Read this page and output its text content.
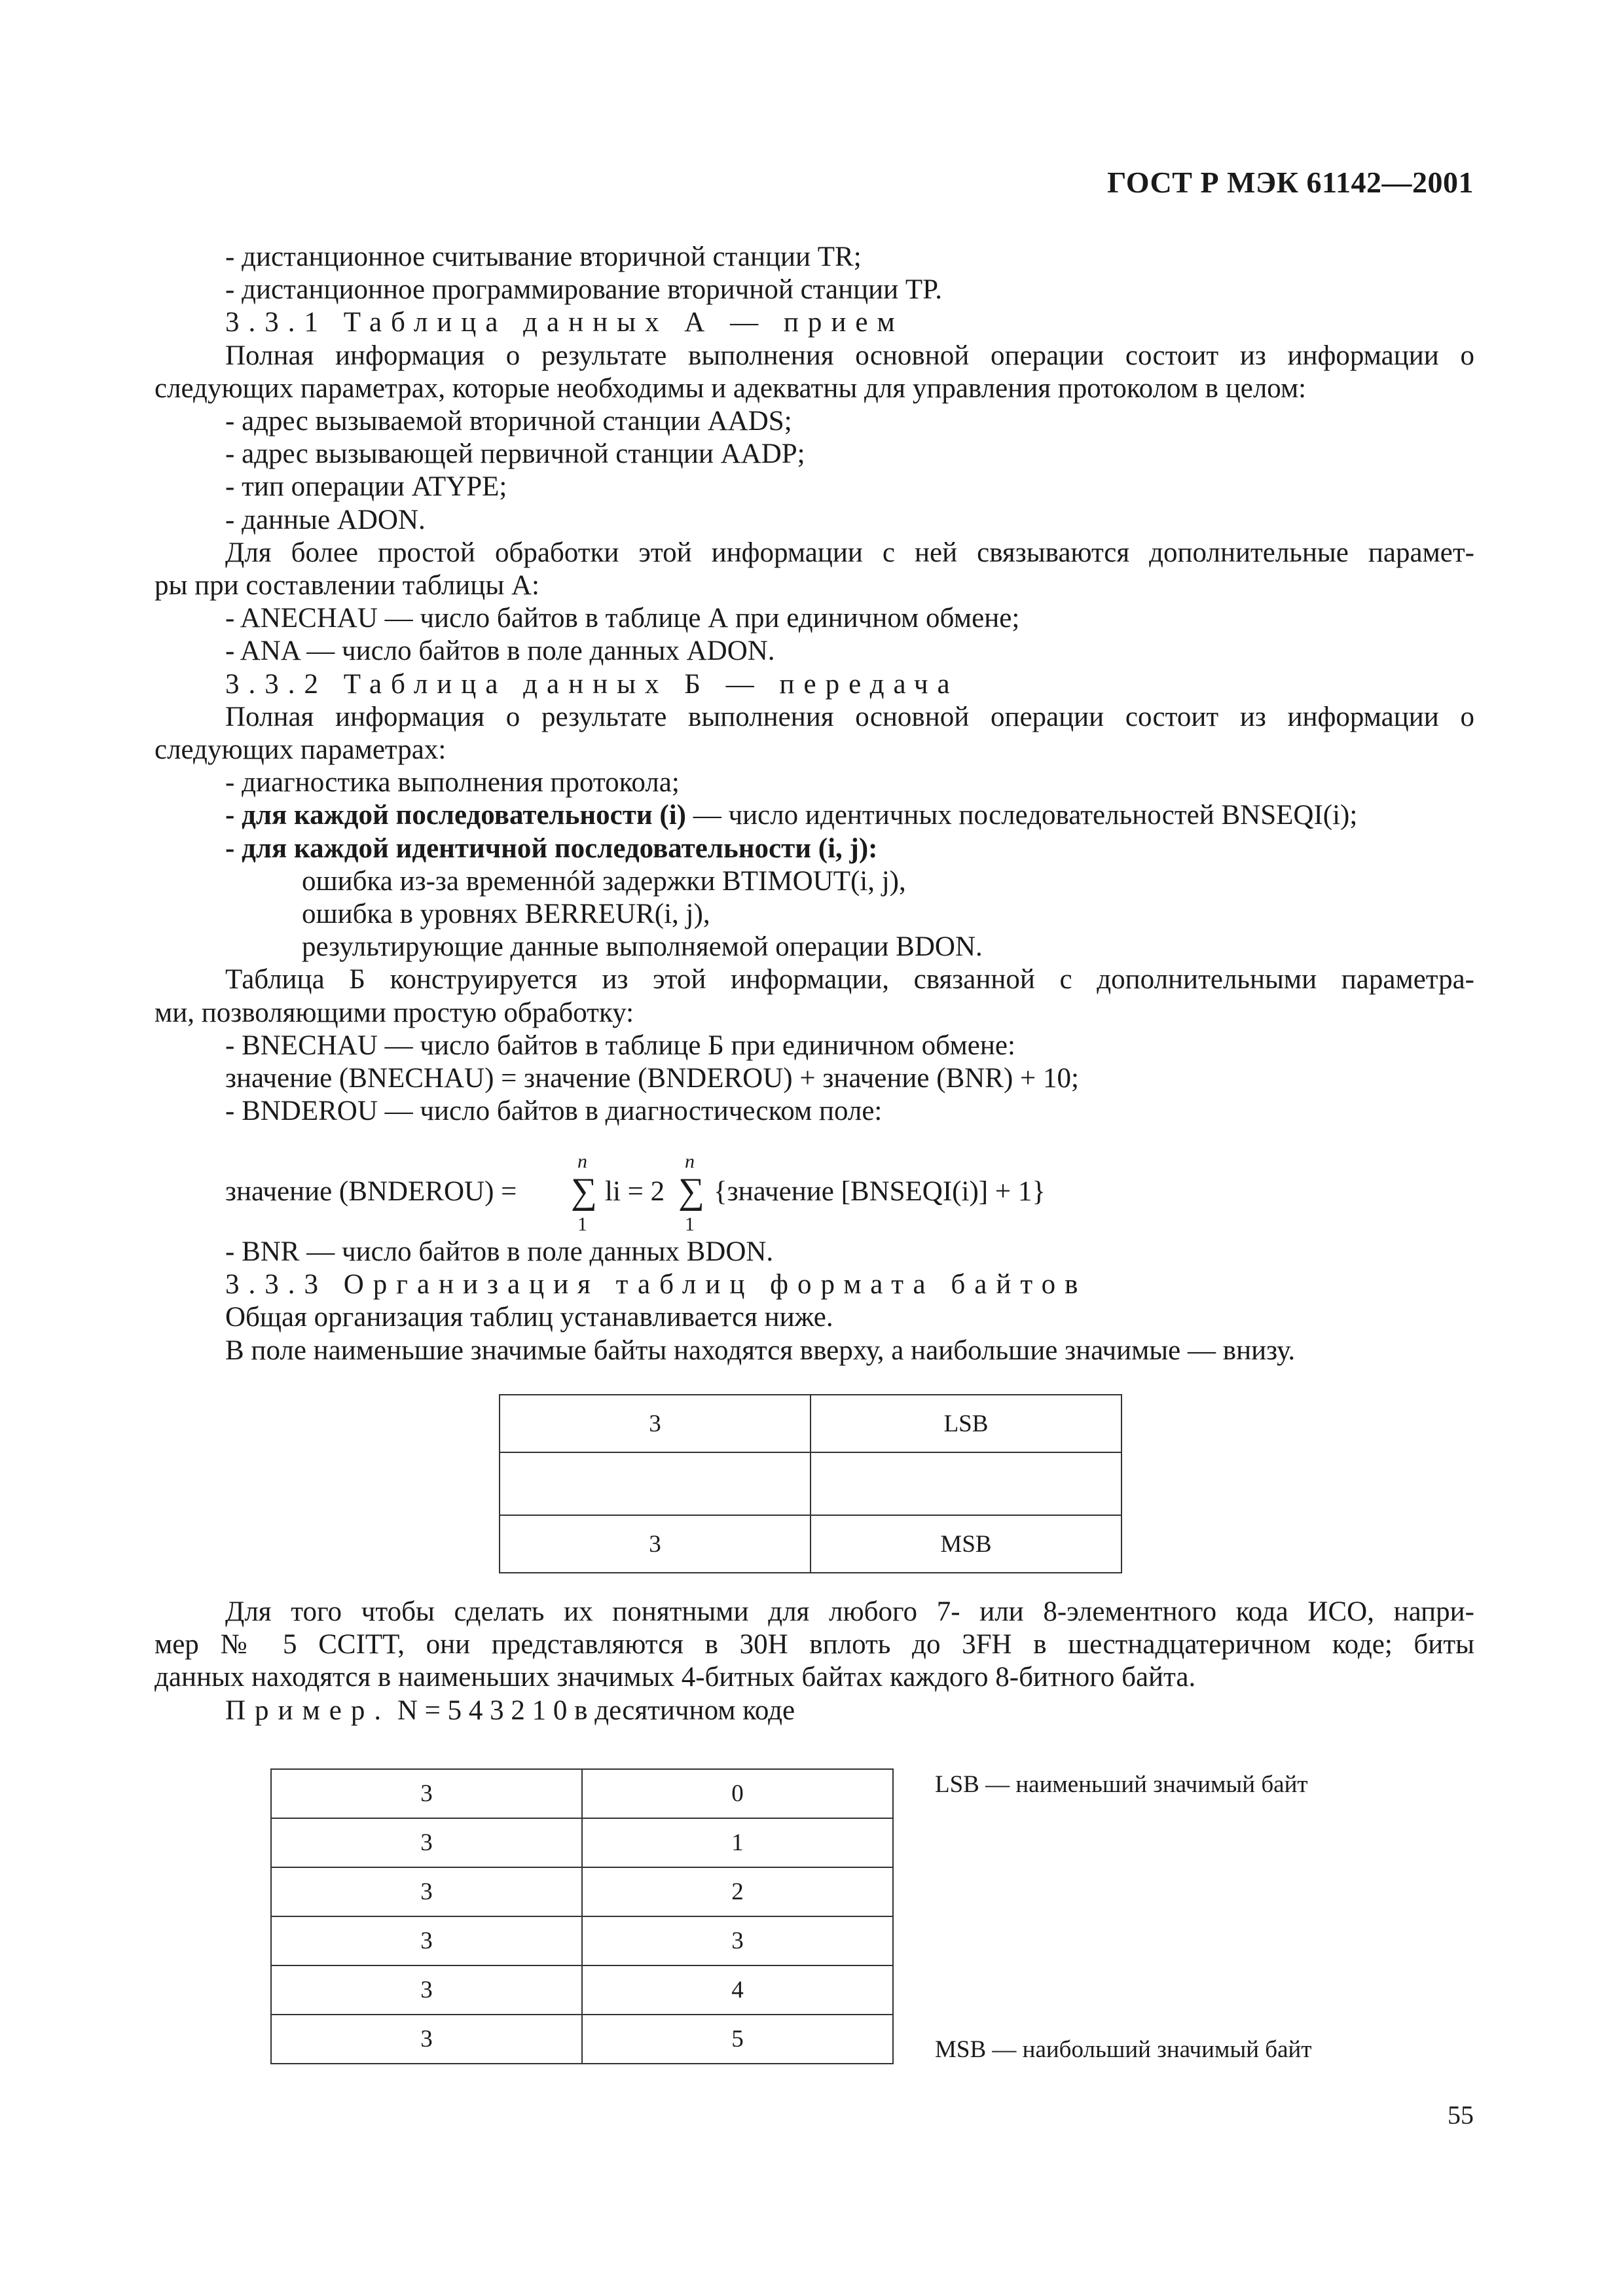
ГОСТ Р МЭК 61142—2001
- дистанционное считывание вторичной станции TR;
- дистанционное программирование вторичной станции TP.
3.3.1 Таблица данных А — прием
Полная информация о результате выполнения основной операции состоит из информации о
следующих параметрах, которые необходимы и адекватны для управления протоколом в целом:
- адрес вызываемой вторичной станции AADS;
- адрес вызывающей первичной станции AADP;
- тип операции ATYPE;
- данные ADON.
Для более простой обработки этой информации с ней связываются дополнительные парамет-
ры при составлении таблицы А:
- ANECHAU — число байтов в таблице А при единичном обмене;
- ANA — число байтов в поле данных ADON.
3.3.2 Таблица данных Б — передача
Полная информация о результате выполнения основной операции состоит из информации о
следующих параметрах:
- диагностика выполнения протокола;
- для каждой последовательности (i) — число идентичных последовательностей BNSEQI(i);
- для каждой идентичной последовательности (i, j):
ошибка из-за временнóй задержки BTIMOUT(i, j),
ошибка в уровнях BERREUR(i, j),
результирующие данные выполняемой операции BDON.
Таблица Б конструируется из этой информации, связанной с дополнительными параметра-
ми, позволяющими простую обработку:
- BNECHAU — число байтов в таблице Б при единичном обмене:
значение (BNECHAU) = значение (BNDEROU) + значение (BNR) + 10;
- BNDEROU — число байтов в диагностическом поле:
значение (BNDEROU) =
n
∑
1
li = 2
n
∑
1
{значение [BNSEQI(i)] + 1}
- BNR — число байтов в поле данных BDON.
3.3.3 Организация таблиц формата байтов
Общая организация таблиц устанавливается ниже.
В поле наименьшие значимые байты находятся вверху, а наибольшие значимые — внизу.
3	LSB

3	MSB
Для того чтобы сделать их понятными для любого 7- или 8-элементного кода ИСО, напри-
мер № 5 CCITT, они представляются в 30H вплоть до 3FH в шестнадцатеричном коде; биты
данных находятся в наименьших значимых 4-битных байтах каждого 8-битного байта.
Пример. N = 5 4 3 2 1 0 в десятичном коде
3	0
3	1
3	2
3	3
3	4
3	5
LSB — наименьший значимый байт
MSB — наибольший значимый байт
55
